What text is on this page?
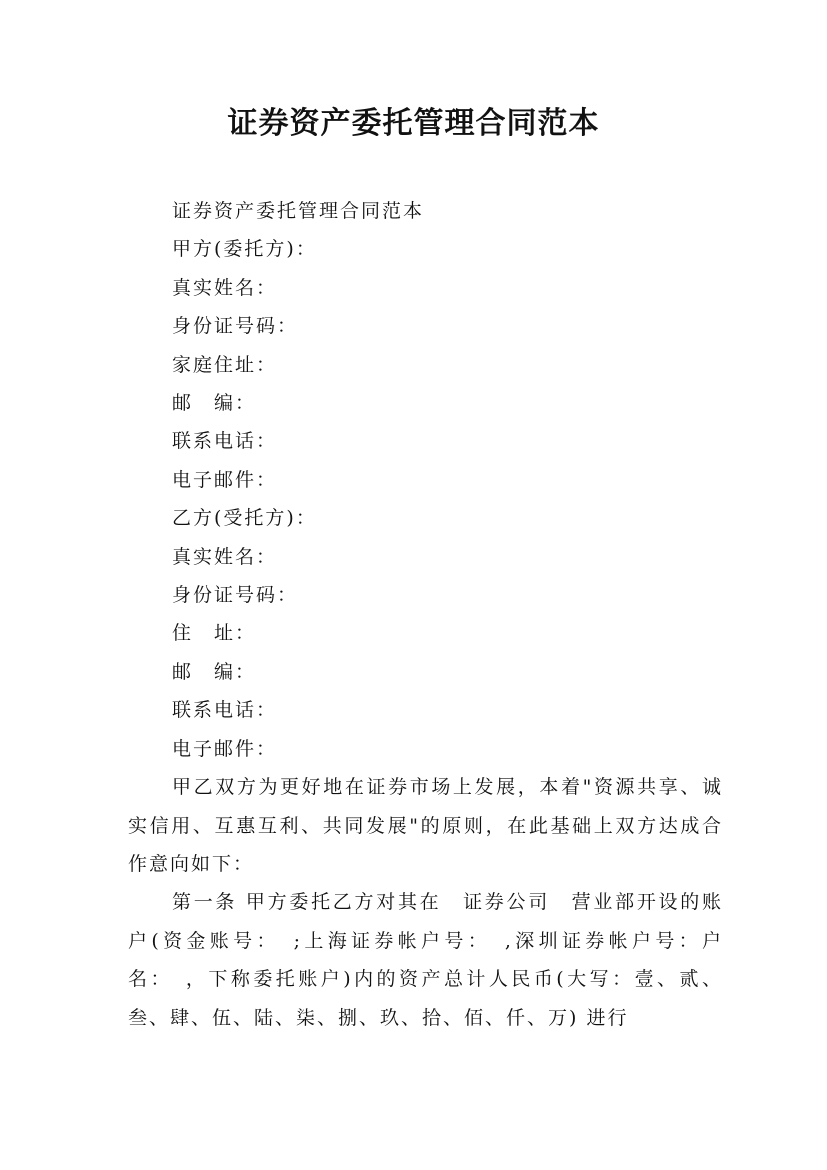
证券资产委托管理合同范本

证券资产委托管理合同范本

甲方(委托方)：

真实姓名：

身份证号码：

家庭住址：

邮　编：

联系电话：

电子邮件：

乙方(受托方)：

真实姓名：

身份证号码：

住　址：

邮　编：

联系电话：

电子邮件：

甲乙双方为更好地在证券市场上发展，本着"资源共享、诚实信用、互惠互利、共同发展"的原则，在此基础上双方达成合作意向如下：

第一条 甲方委托乙方对其在　证券公司　营业部开设的账户(资金账号：　;上海证券帐户号：　,深圳证券帐户号：户名：　，下称委托账户)内的资产总计人民币(大写：壹、贰、叁、肆、伍、陆、柒、捌、玖、拾、佰、仟、万) 进行
